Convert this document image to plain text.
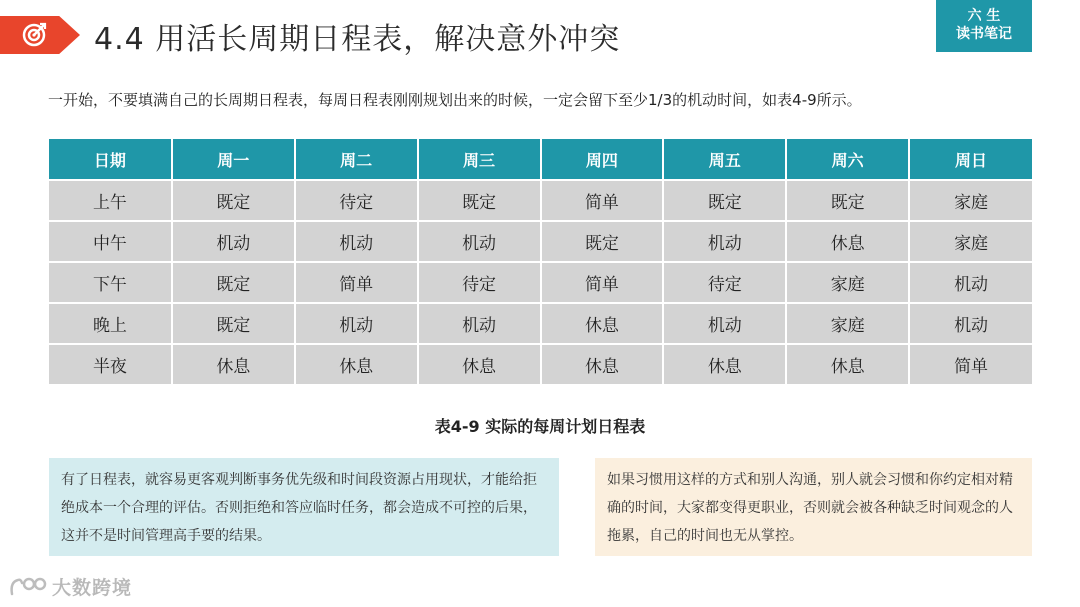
4.4 用活长周期日程表，解决意外冲突
六 生
读书笔记
一开始，不要填满自己的长周期日程表，每周日程表刚刚规划出来的时候，一定会留下至少1/3的机动时间，如表4-9所示。
日期	周一	周二	周三	周四	周五	周六	周日
上午	既定	待定	既定	简单	既定	既定	家庭
中午	机动	机动	机动	既定	机动	休息	家庭
下午	既定	简单	待定	简单	待定	家庭	机动
晚上	既定	机动	机动	休息	机动	家庭	机动
半夜	休息	休息	休息	休息	休息	休息	简单
表4-9 实际的每周计划日程表
有了日程表，就容易更客观判断事务优先级和时间段资源占用现状，才能给拒绝成本一个合理的评估。否则拒绝和答应临时任务，都会造成不可控的后果，这并不是时间管理高手要的结果。
如果习惯用这样的方式和别人沟通，别人就会习惯和你约定相对精确的时间，大家都变得更职业，否则就会被各种缺乏时间观念的人拖累，自己的时间也无从掌控。
大数跨境
